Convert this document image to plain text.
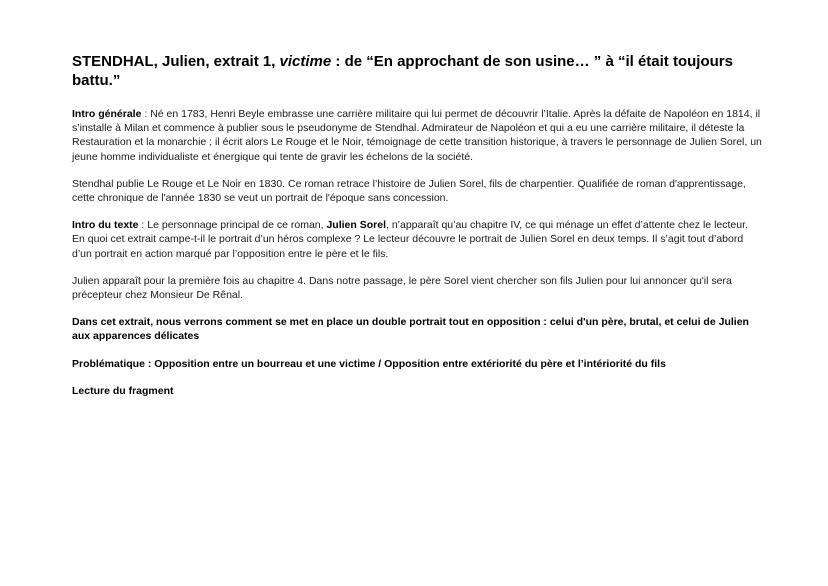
STENDHAL, Julien, extrait 1, victime : de “En approchant de son usine… ” à “il était toujours battu.”

Intro générale : Né en 1783, Henri Beyle embrasse une carrière militaire qui lui permet de découvrir l’Italie. Après la défaite de Napoléon en 1814, il s’installe à Milan et commence à publier sous le pseudonyme de Stendhal. Admirateur de Napoléon et qui a eu une carrière militaire, il déteste la Restauration et la monarchie ; il écrit alors Le Rouge et le Noir, témoignage de cette transition historique, à travers le personnage de Julien Sorel, un jeune homme individualiste et énergique qui tente de gravir les échelons de la société.

Stendhal publie Le Rouge et Le Noir en 1830. Ce roman retrace l’histoire de Julien Sorel, fils de charpentier. Qualifiée de roman d'apprentissage, cette chronique de l'année 1830 se veut un portrait de l'époque sans concession.

Intro du texte : Le personnage principal de ce roman, Julien Sorel, n’apparaît qu’au chapitre IV, ce qui ménage un effet d’attente chez le lecteur. En quoi cet extrait campe-t-il le portrait d’un héros complexe ? Le lecteur découvre le portrait de Julien Sorel en deux temps. Il s’agit tout d’abord d’un portrait en action marqué par l’opposition entre le père et le fils.

Julien apparaît pour la première fois au chapitre 4. Dans notre passage, le père Sorel vient chercher son fils Julien pour lui annoncer qu'il sera précepteur chez Monsieur De Rênal.

Dans cet extrait, nous verrons comment se met en place un double portrait tout en opposition : celui d'un père, brutal, et celui de Julien aux apparences délicates

Problématique : Opposition entre un bourreau et une victime / Opposition entre extériorité du père et l’intériorité du fils

Lecture du fragment
